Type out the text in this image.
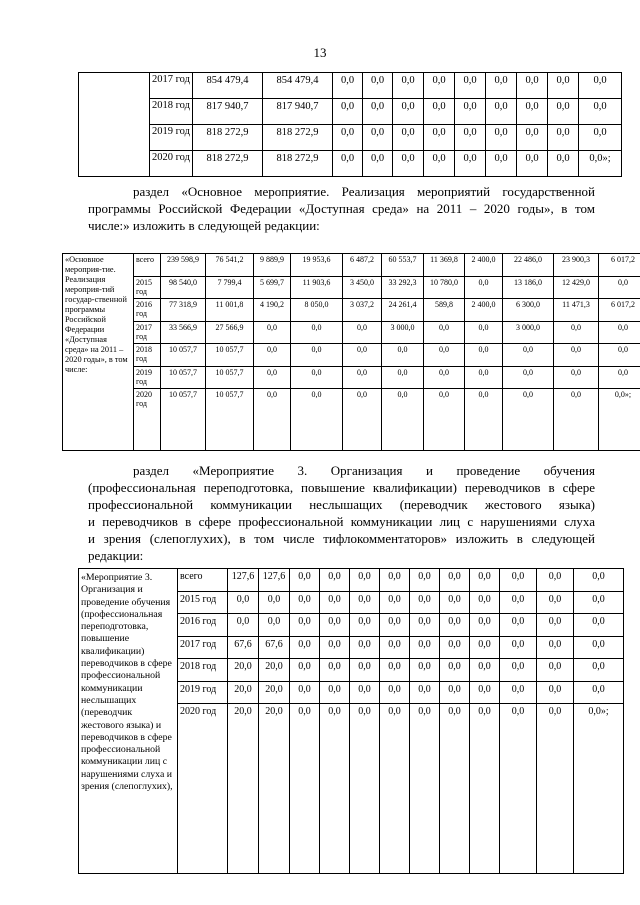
13
	2017 год	854 479,4	854 479,4	0,0	0,0	0,0	0,0	0,0	0,0	0,0	0,0	0,0
	2018 год	817 940,7	817 940,7	0,0	0,0	0,0	0,0	0,0	0,0	0,0	0,0	0,0
	2019 год	818 272,9	818 272,9	0,0	0,0	0,0	0,0	0,0	0,0	0,0	0,0	0,0
	2020 год	818 272,9	818 272,9	0,0	0,0	0,0	0,0	0,0	0,0	0,0	0,0	0,0»;
раздел «Основное мероприятие. Реализация мероприятий государственной
программы Российской Федерации «Доступная среда» на 2011 – 2020 годы», в том
числе:» изложить в следующей редакции:
«Основное мероприя-тие. Реализация мероприя-тий государ-ственной программы Российской Федерации «Доступная среда» на 2011 – 2020 годы», в том числе:	всего	239 598,9	76 541,2	9 889,9	19 953,6	6 487,2	60 553,7	11 369,8	2 400,0	22 486,0	23 900,3	6 017,2
	2015 год	98 540,0	7 799,4	5 699,7	11 903,6	3 450,0	33 292,3	10 780,0	0,0	13 186,0	12 429,0	0,0
	2016 год	77 318,9	11 001,8	4 190,2	8 050,0	3 037,2	24 261,4	589,8	2 400,0	6 300,0	11 471,3	6 017,2
	2017 год	33 566,9	27 566,9	0,0	0,0	0,0	3 000,0	0,0	0,0	3 000,0	0,0	0,0
	2018 год	10 057,7	10 057,7	0,0	0,0	0,0	0,0	0,0	0,0	0,0	0,0	0,0
	2019 год	10 057,7	10 057,7	0,0	0,0	0,0	0,0	0,0	0,0	0,0	0,0	0,0
	2020 год	10 057,7	10 057,7	0,0	0,0	0,0	0,0	0,0	0,0	0,0	0,0	0,0»;
раздел «Мероприятие 3. Организация и проведение обучения
(профессиональная переподготовка, повышение квалификации) переводчиков в сфере
профессиональной коммуникации неслышащих (переводчик жестового языка)
и переводчиков в сфере профессиональной коммуникации лиц с нарушениями слуха
и зрения (слепоглухих), в том числе тифлокомментаторов» изложить в следующей
редакции:
«Мероприятие 3. Организация и проведение обучения (профессиональная переподготовка, повышение квалификации) переводчиков в сфере профессиональной коммуникации неслышащих (переводчик жестового языка) и переводчиков в сфере профессиональной коммуникации лиц с нарушениями слуха и зрения (слепоглухих),	всего	127,6	127,6	0,0	0,0	0,0	0,0	0,0	0,0	0,0	0,0	0,0	0,0
	2015 год	0,0	0,0	0,0	0,0	0,0	0,0	0,0	0,0	0,0	0,0	0,0	0,0
	2016 год	0,0	0,0	0,0	0,0	0,0	0,0	0,0	0,0	0,0	0,0	0,0	0,0
	2017 год	67,6	67,6	0,0	0,0	0,0	0,0	0,0	0,0	0,0	0,0	0,0	0,0
	2018 год	20,0	20,0	0,0	0,0	0,0	0,0	0,0	0,0	0,0	0,0	0,0	0,0
	2019 год	20,0	20,0	0,0	0,0	0,0	0,0	0,0	0,0	0,0	0,0	0,0	0,0
	2020 год	20,0	20,0	0,0	0,0	0,0	0,0	0,0	0,0	0,0	0,0	0,0	0,0»;
